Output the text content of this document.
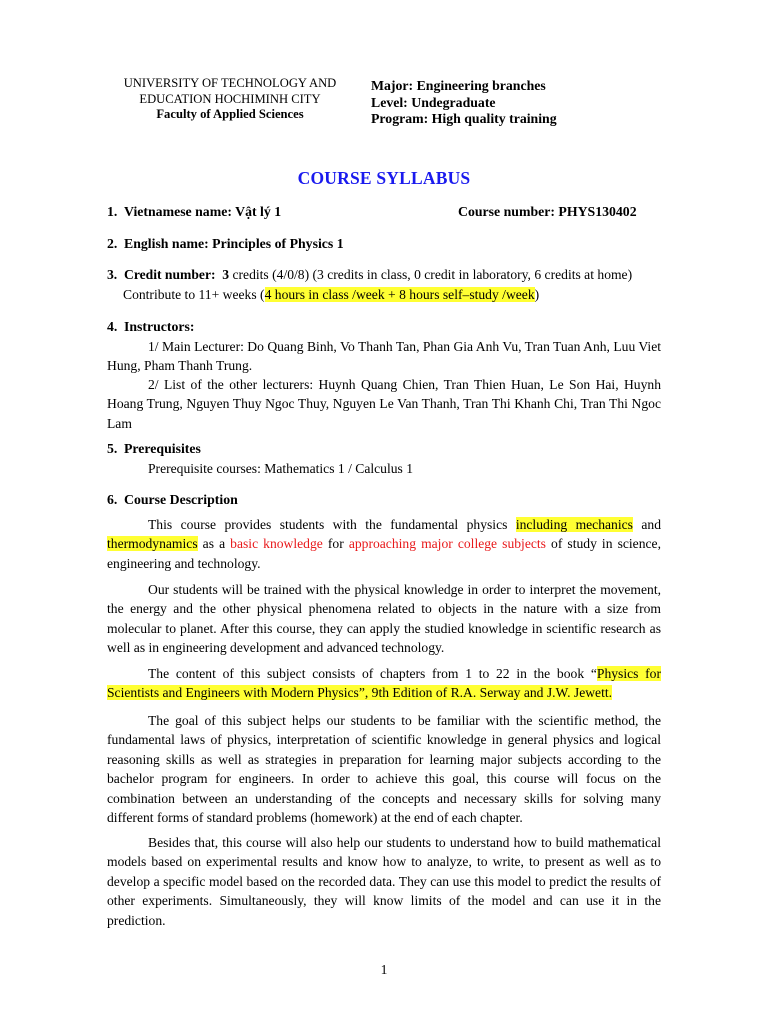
UNIVERSITY OF TECHNOLOGY AND
EDUCATION HOCHIMINH CITY
Faculty of Applied Sciences
Major: Engineering branches
Level: Undegraduate
Program: High quality training
COURSE SYLLABUS
1. Vietnamese name: Vật lý 1	Course number: PHYS130402
2. English name: Principles of Physics 1
3. Credit number: 3 credits (4/0/8) (3 credits in class, 0 credit in laboratory, 6 credits at home)
Contribute to 11+ weeks (4 hours in class /week + 8 hours self–study /week)
4. Instructors:
1/ Main Lecturer: Do Quang Binh, Vo Thanh Tan, Phan Gia Anh Vu, Tran Tuan Anh, Luu Viet Hung, Pham Thanh Trung.
2/ List of the other lecturers: Huynh Quang Chien, Tran Thien Huan, Le Son Hai, Huynh Hoang Trung, Nguyen Thuy Ngoc Thuy, Nguyen Le Van Thanh, Tran Thi Khanh Chi, Tran Thi Ngoc Lam
5. Prerequisites
Prerequisite courses: Mathematics 1 / Calculus 1
6. Course Description
This course provides students with the fundamental physics including mechanics and thermodynamics as a basic knowledge for approaching major college subjects of study in science, engineering and technology.
Our students will be trained with the physical knowledge in order to interpret the movement, the energy and the other physical phenomena related to objects in the nature with a size from molecular to planet. After this course, they can apply the studied knowledge in scientific research as well as in engineering development and advanced technology.
The content of this subject consists of chapters from 1 to 22 in the book “Physics for Scientists and Engineers with Modern Physics”, 9th Edition of R.A. Serway and J.W. Jewett.
The goal of this subject helps our students to be familiar with the scientific method, the fundamental laws of physics, interpretation of scientific knowledge in general physics and logical reasoning skills as well as strategies in preparation for learning major subjects according to the bachelor program for engineers. In order to achieve this goal, this course will focus on the combination between an understanding of the concepts and necessary skills for solving many different forms of standard problems (homework) at the end of each chapter.
Besides that, this course will also help our students to understand how to build mathematical models based on experimental results and know how to analyze, to write, to present as well as to develop a specific model based on the recorded data. They can use this model to predict the results of other experiments. Simultaneously, they will know limits of the model and can use it in the prediction.
1
